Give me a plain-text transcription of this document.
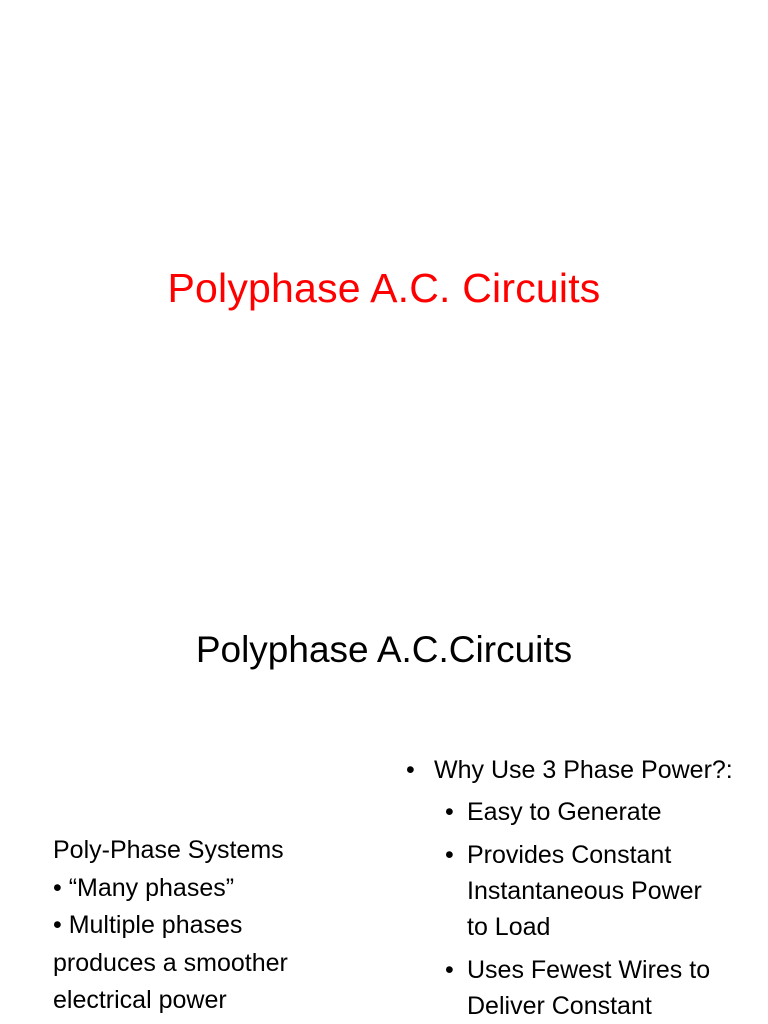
Polyphase A.C. Circuits
Polyphase A.C.Circuits
Poly-Phase Systems
• “Many phases”
• Multiple phases
produces a smoother
electrical power
• Why Use 3 Phase Power?:
• Easy to Generate
• Provides Constant
Instantaneous Power
to Load
• Uses Fewest Wires to
Deliver Constant
